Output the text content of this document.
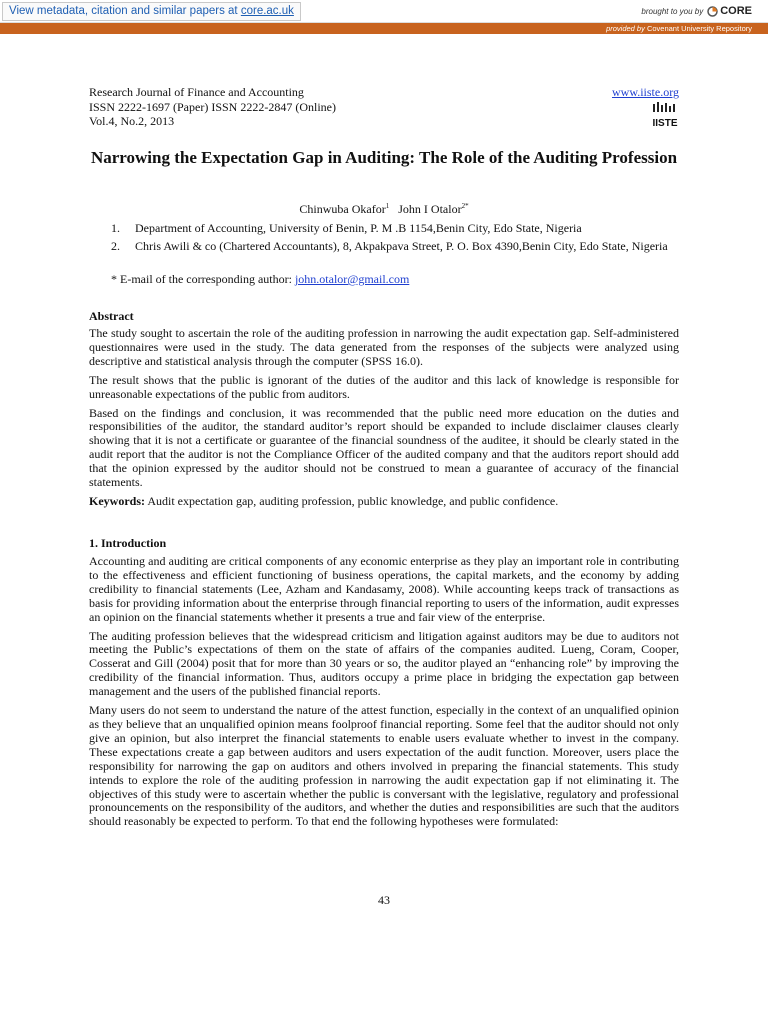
View metadata, citation and similar papers at core.ac.uk	brought to you by CORE
provided by Covenant University Repository
Research Journal of Finance and Accounting
ISSN 2222-1697 (Paper) ISSN 2222-2847 (Online)
Vol.4, No.2, 2013
www.iiste.org
IISTE
Narrowing the Expectation Gap in Auditing: The Role of the Auditing Profession
Chinwuba Okafor$^1$ John I Otalor$^{2*}$
1. Department of Accounting, University of Benin, P. M .B 1154,Benin City, Edo State, Nigeria
2. Chris Awili & co (Chartered Accountants), 8, Akpakpava Street, P. O. Box 4390,Benin City, Edo State, Nigeria
* E-mail of the corresponding author: john.otalor@gmail.com
Abstract

The study sought to ascertain the role of the auditing profession in narrowing the audit expectation gap. Self-administered questionnaires were used in the study. The data generated from the responses of the subjects were analyzed using descriptive and statistical analysis through the computer (SPSS 16.0).

The result shows that the public is ignorant of the duties of the auditor and this lack of knowledge is responsible for unreasonable expectations of the public from auditors.

Based on the findings and conclusion, it was recommended that the public need more education on the duties and responsibilities of the auditor, the standard auditor’s report should be expanded to include disclaimer clauses clearly showing that it is not a certificate or guarantee of the financial soundness of the auditee, it should be clearly stated in the audit report that the auditor is not the Compliance Officer of the audited company and that the auditors report should add that the opinion expressed by the auditor should not be construed to mean a guarantee of accuracy of the financial statements.

Keywords: Audit expectation gap, auditing profession, public knowledge, and public confidence.

1. Introduction

Accounting and auditing are critical components of any economic enterprise as they play an important role in contributing to the effectiveness and efficient functioning of business operations, the capital markets, and the economy by adding credibility to financial statements (Lee, Azham and Kandasamy, 2008). While accounting keeps track of transactions as basis for providing information about the enterprise through financial reporting to users of the information, audit expresses an opinion on the financial statements whether it presents a true and fair view of the enterprise.

The auditing profession believes that the widespread criticism and litigation against auditors may be due to auditors not meeting the Public’s expectations of them on the state of affairs of the companies audited. Lueng, Coram, Cooper, Cosserat and Gill (2004) posit that for more than 30 years or so, the auditor played an “enhancing role” by improving the credibility of the financial information. Thus, auditors occupy a prime place in bridging the expectation gap between management and the users of the published financial reports.

Many users do not seem to understand the nature of the attest function, especially in the context of an unqualified opinion as they believe that an unqualified opinion means foolproof financial reporting. Some feel that the auditor should not only give an opinion, but also interpret the financial statements to enable users evaluate whether to invest in the company. These expectations create a gap between auditors and users expectation of the audit function. Moreover, users place the responsibility for narrowing the gap on auditors and others involved in preparing the financial statements. This study intends to explore the role of the auditing profession in narrowing the audit expectation gap if not eliminating it. The objectives of this study were to ascertain whether the public is conversant with the legislative, regulatory and professional pronouncements on the responsibility of the auditors, and whether the duties and responsibilities are such that the auditors should reasonably be expected to perform. To that end the following hypotheses were formulated:

43
